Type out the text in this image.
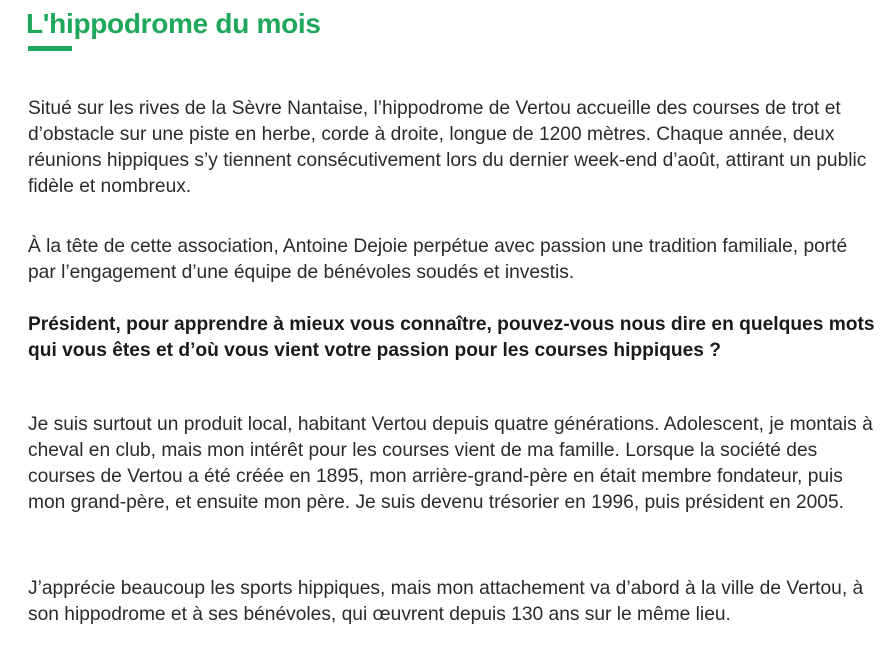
L'hippodrome du mois

Situé sur les rives de la Sèvre Nantaise, l’hippodrome de Vertou accueille des courses de trot et d’obstacle sur une piste en herbe, corde à droite, longue de 1200 mètres. Chaque année, deux réunions hippiques s’y tiennent consécutivement lors du dernier week-end d’août, attirant un public fidèle et nombreux.

À la tête de cette association, Antoine Dejoie perpétue avec passion une tradition familiale, porté par l’engagement d’une équipe de bénévoles soudés et investis.

Président, pour apprendre à mieux vous connaître, pouvez-vous nous dire en quelques mots qui vous êtes et d’où vous vient votre passion pour les courses hippiques ?

Je suis surtout un produit local, habitant Vertou depuis quatre générations. Adolescent, je montais à cheval en club, mais mon intérêt pour les courses vient de ma famille. Lorsque la société des courses de Vertou a été créée en 1895, mon arrière-grand-père en était membre fondateur, puis mon grand-père, et ensuite mon père. Je suis devenu trésorier en 1996, puis président en 2005.

J’apprécie beaucoup les sports hippiques, mais mon attachement va d’abord à la ville de Vertou, à son hippodrome et à ses bénévoles, qui œuvrent depuis 130 ans sur le même lieu.
